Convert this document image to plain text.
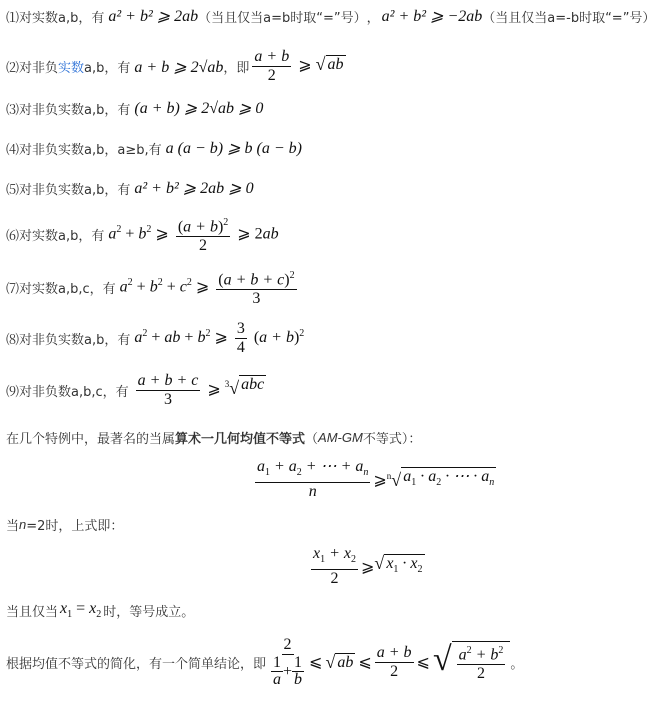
⑴ 对实数a,b，有 a² + b² ⩾ 2ab （当且仅当a=b时取“=”号） ， a² + b² ⩾ −2ab （当且仅当a=-b时取“=”号）
⑵ 对非负 实数 a,b，有 a + b ⩾ 2√ab ，即 $\frac{a + b}{2}$ ⩾ √ ab
⑶ 对非负实数a,b，有 (a + b) ⩾ 2√ab ⩾ 0
⑷ 对非负实数a,b，a≥b,有 a (a − b) ⩾ b (a − b)
⑸ 对非负实数a,b，有 a² + b² ⩾ 2ab ⩾ 0
⑹ 对实数a,b，有 $a^2 + b^2$ ⩾ $\frac{(a + b)^2}{2}$ ⩾ 2ab
⑺ 对实数a,b,c，有 $a^2 + b^2 + c^2$ ⩾ $\frac{(a + b + c)^2}{3}$
⑻ 对非负实数a,b，有 $a^2$ + ab + $b^2$ ⩾ $\frac{3}{4} (a + b)^2$
⑼ 对非负数a,b,c，有 $\frac{a + b + c}{3}$ ⩾ $^3$√ abc
在几个特例中，最著名的当属 算术一几何均值不等式 （ AM-GM 不等式）：
$\frac{a_1 + a_2 + \cdots + a_n}{n}$ ⩾ $^n$√ $a_1 \cdot a_2$ · ⋯ · $a_n$
当 n =2时，上式即：
$\frac{x_1 + x_2}{2}$ ⩾ √ $x_1 \cdot x_2$
当且仅当 $x_1 = x_2$ 时，等号成立。
根据均值不等式的简化，有一个简单结论，即 $\frac{2}{\frac{1}{a} + \frac{1}{b}}$ ⩽ √ ab ⩽ $\frac{a + b}{2}$ ⩽ √ $\frac{a^2 + b^2}{2}$ 。
